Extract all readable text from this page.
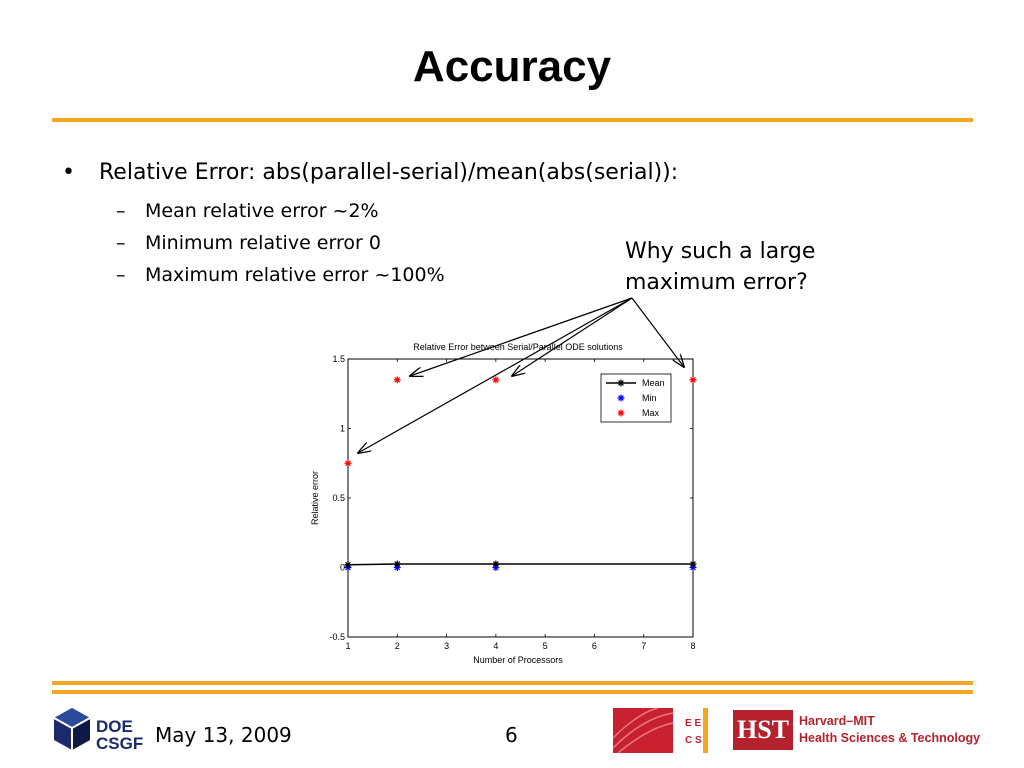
Accuracy
• Relative Error: abs(parallel-serial)/mean(abs(serial)):
– Mean relative error ~2%
– Minimum relative error 0
– Maximum relative error ~100%
Why such a large
maximum error?
1	2	3	4	5	6	7	8
-0.5
0
0.5
1
1.5
Relative Error between Serial/Parallel ODE solutions
Number of Processors
Relative error
Mean
Min
Max
DOE
CSGF May 13, 2009	6	E E
C S HST Harvard–MIT
Health Sciences & Technology
